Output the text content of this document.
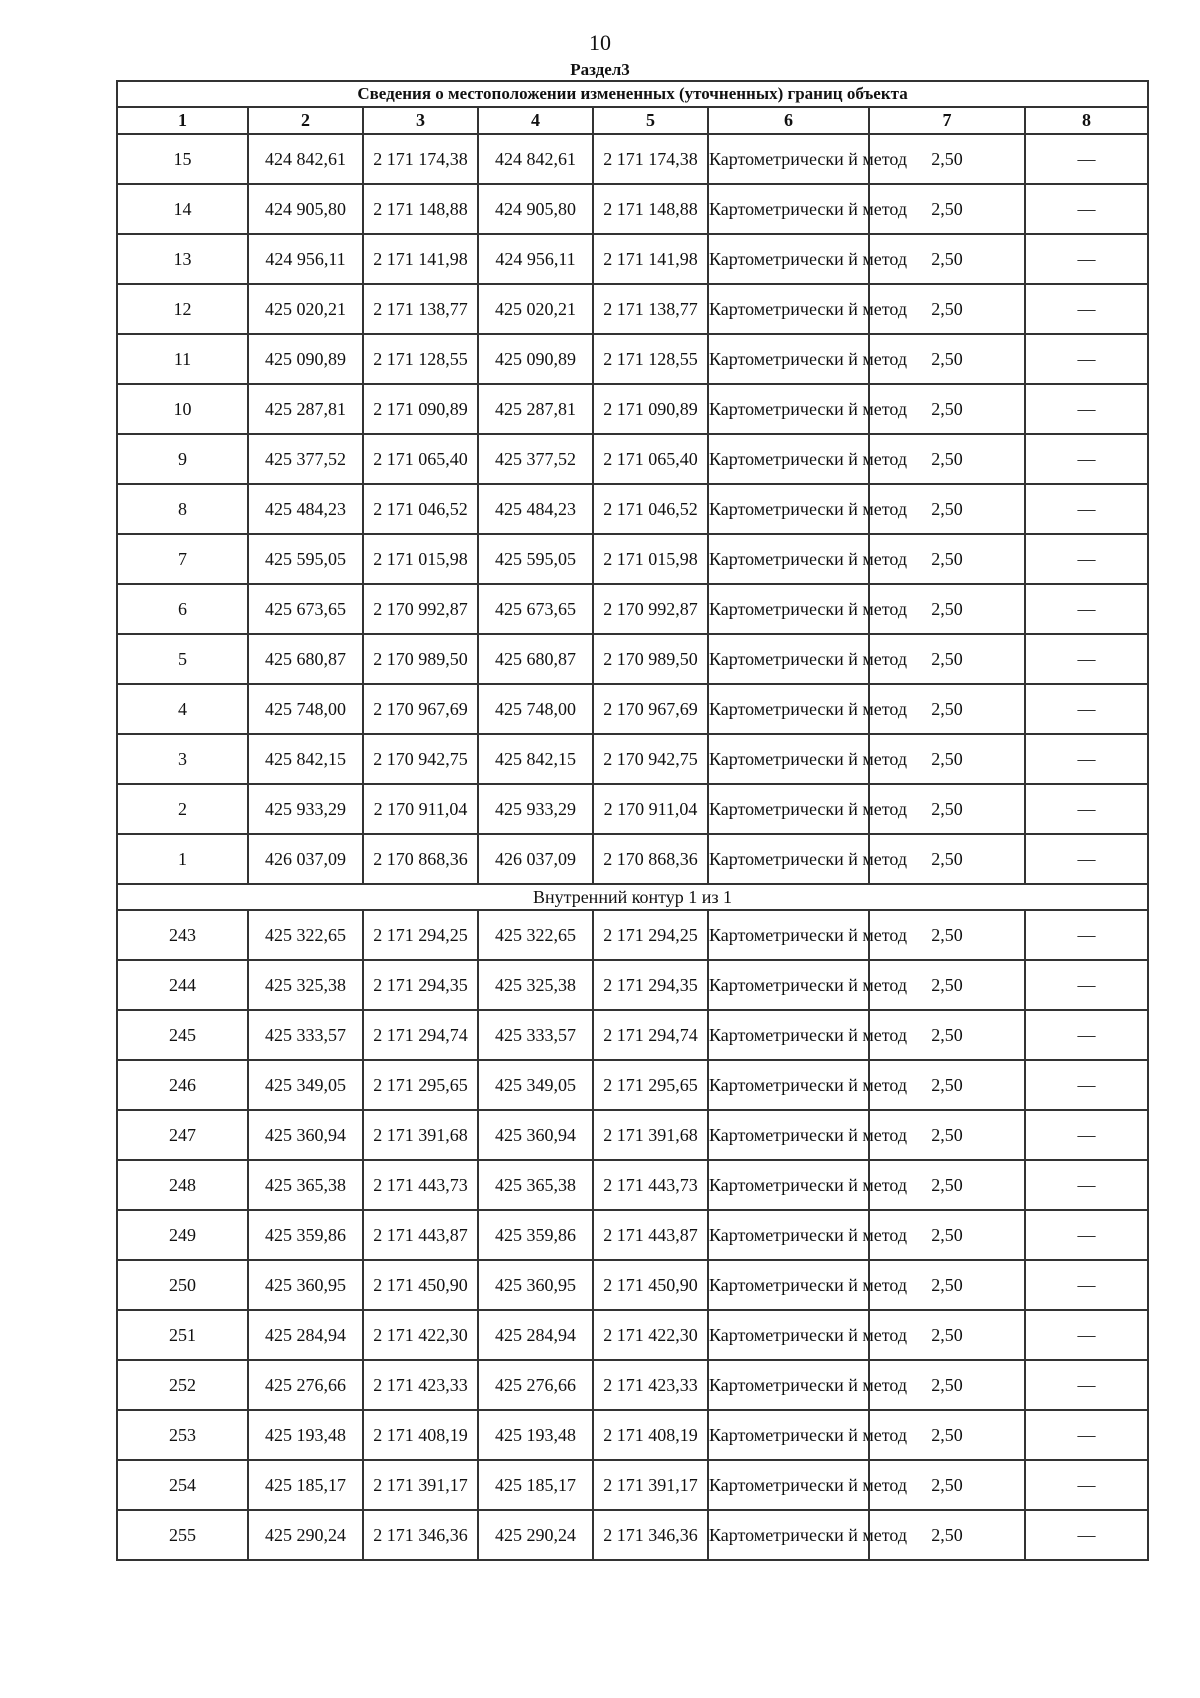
10
Раздел3
Сведения о местоположении измененных (уточненных) границ объекта							
1	2	3	4	5	6	7	8
15	424 842,61	2 171 174,38	424 842,61	2 171 174,38	Картометрически й метод	2,50	—
14	424 905,80	2 171 148,88	424 905,80	2 171 148,88	Картометрически й метод	2,50	—
13	424 956,11	2 171 141,98	424 956,11	2 171 141,98	Картометрически й метод	2,50	—
12	425 020,21	2 171 138,77	425 020,21	2 171 138,77	Картометрически й метод	2,50	—
11	425 090,89	2 171 128,55	425 090,89	2 171 128,55	Картометрически й метод	2,50	—
10	425 287,81	2 171 090,89	425 287,81	2 171 090,89	Картометрически й метод	2,50	—
9	425 377,52	2 171 065,40	425 377,52	2 171 065,40	Картометрически й метод	2,50	—
8	425 484,23	2 171 046,52	425 484,23	2 171 046,52	Картометрически й метод	2,50	—
7	425 595,05	2 171 015,98	425 595,05	2 171 015,98	Картометрически й метод	2,50	—
6	425 673,65	2 170 992,87	425 673,65	2 170 992,87	Картометрически й метод	2,50	—
5	425 680,87	2 170 989,50	425 680,87	2 170 989,50	Картометрически й метод	2,50	—
4	425 748,00	2 170 967,69	425 748,00	2 170 967,69	Картометрически й метод	2,50	—
3	425 842,15	2 170 942,75	425 842,15	2 170 942,75	Картометрически й метод	2,50	—
2	425 933,29	2 170 911,04	425 933,29	2 170 911,04	Картометрически й метод	2,50	—
1	426 037,09	2 170 868,36	426 037,09	2 170 868,36	Картометрически й метод	2,50	—
Внутренний контур 1 из 1							
243	425 322,65	2 171 294,25	425 322,65	2 171 294,25	Картометрически й метод	2,50	—
244	425 325,38	2 171 294,35	425 325,38	2 171 294,35	Картометрически й метод	2,50	—
245	425 333,57	2 171 294,74	425 333,57	2 171 294,74	Картометрически й метод	2,50	—
246	425 349,05	2 171 295,65	425 349,05	2 171 295,65	Картометрически й метод	2,50	—
247	425 360,94	2 171 391,68	425 360,94	2 171 391,68	Картометрически й метод	2,50	—
248	425 365,38	2 171 443,73	425 365,38	2 171 443,73	Картометрически й метод	2,50	—
249	425 359,86	2 171 443,87	425 359,86	2 171 443,87	Картометрически й метод	2,50	—
250	425 360,95	2 171 450,90	425 360,95	2 171 450,90	Картометрически й метод	2,50	—
251	425 284,94	2 171 422,30	425 284,94	2 171 422,30	Картометрически й метод	2,50	—
252	425 276,66	2 171 423,33	425 276,66	2 171 423,33	Картометрически й метод	2,50	—
253	425 193,48	2 171 408,19	425 193,48	2 171 408,19	Картометрически й метод	2,50	—
254	425 185,17	2 171 391,17	425 185,17	2 171 391,17	Картометрически й метод	2,50	—
255	425 290,24	2 171 346,36	425 290,24	2 171 346,36	Картометрически й метод	2,50	—
